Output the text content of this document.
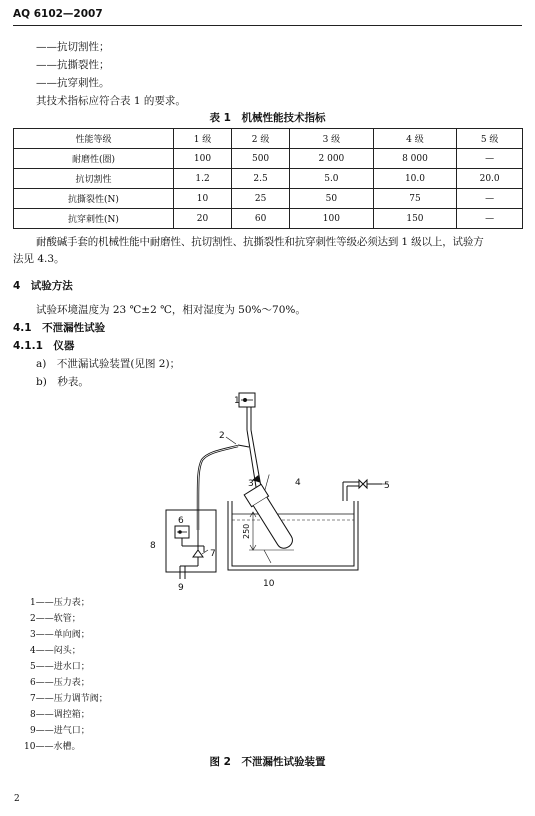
AQ 6102—2007
——抗切割性；
——抗撕裂性；
——抗穿刺性。
其技术指标应符合表 1 的要求。
表 1　机械性能技术指标
性能等级	1 级	2 级	3 级	4 级	5 级
耐磨性(圈)	100	500	2 000	8 000	—
抗切割性	1.2	2.5	5.0	10.0	20.0
抗撕裂性(N)	10	25	50	75	—
抗穿刺性(N)	20	60	100	150	—
耐酸碱手套的机械性能中耐磨性、抗切割性、抗撕裂性和抗穿刺性等级必须达到 1 级以上，试验方
法见 4.3。
4　试验方法
试验环境温度为 23 ℃±2 ℃，相对湿度为 50%～70%。
4.1　不泄漏性试验
4.1.1　仪器
a)　不泄漏试验装置(见图 2)；
b)　秒表。
1
2
3	4	5
6
7
8
9	10
250
1——压力表；
2——软管；
3——单向阀；
4——闷头；
5——进水口；
6——压力表；
7——压力调节阀；
8——调控箱；
9——进气口；
10——水槽。
图 2　不泄漏性试验装置
2
